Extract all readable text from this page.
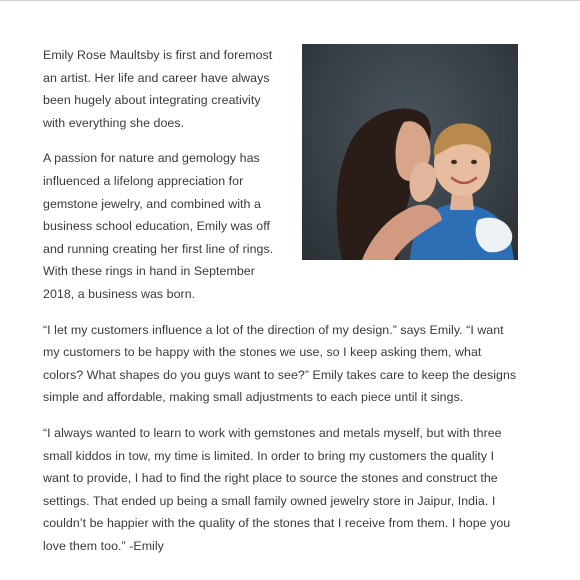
Emily Rose Maultsby is first and foremost an artist. Her life and career have always been hugely about integrating creativity with everything she does.

A passion for nature and gemology has influenced a lifelong appreciation for gemstone jewelry, and combined with a business school education, Emily was off and running creating her first line of rings. With these rings in hand in September 2018, a business was born.

“I let my customers influence a lot of the direction of my design.” says Emily. “I want my customers to be happy with the stones we use, so I keep asking them, what colors? What shapes do you guys want to see?” Emily takes care to keep the designs simple and affordable, making small adjustments to each piece until it sings.

“I always wanted to learn to work with gemstones and metals myself, but with three small kiddos in tow, my time is limited. In order to bring my customers the quality I want to provide, I had to find the right place to source the stones and construct the settings. That ended up being a small family owned jewelry store in Jaipur, India. I couldn’t be happier with the quality of the stones that I receive from them. I hope you love them too.” -Emily
